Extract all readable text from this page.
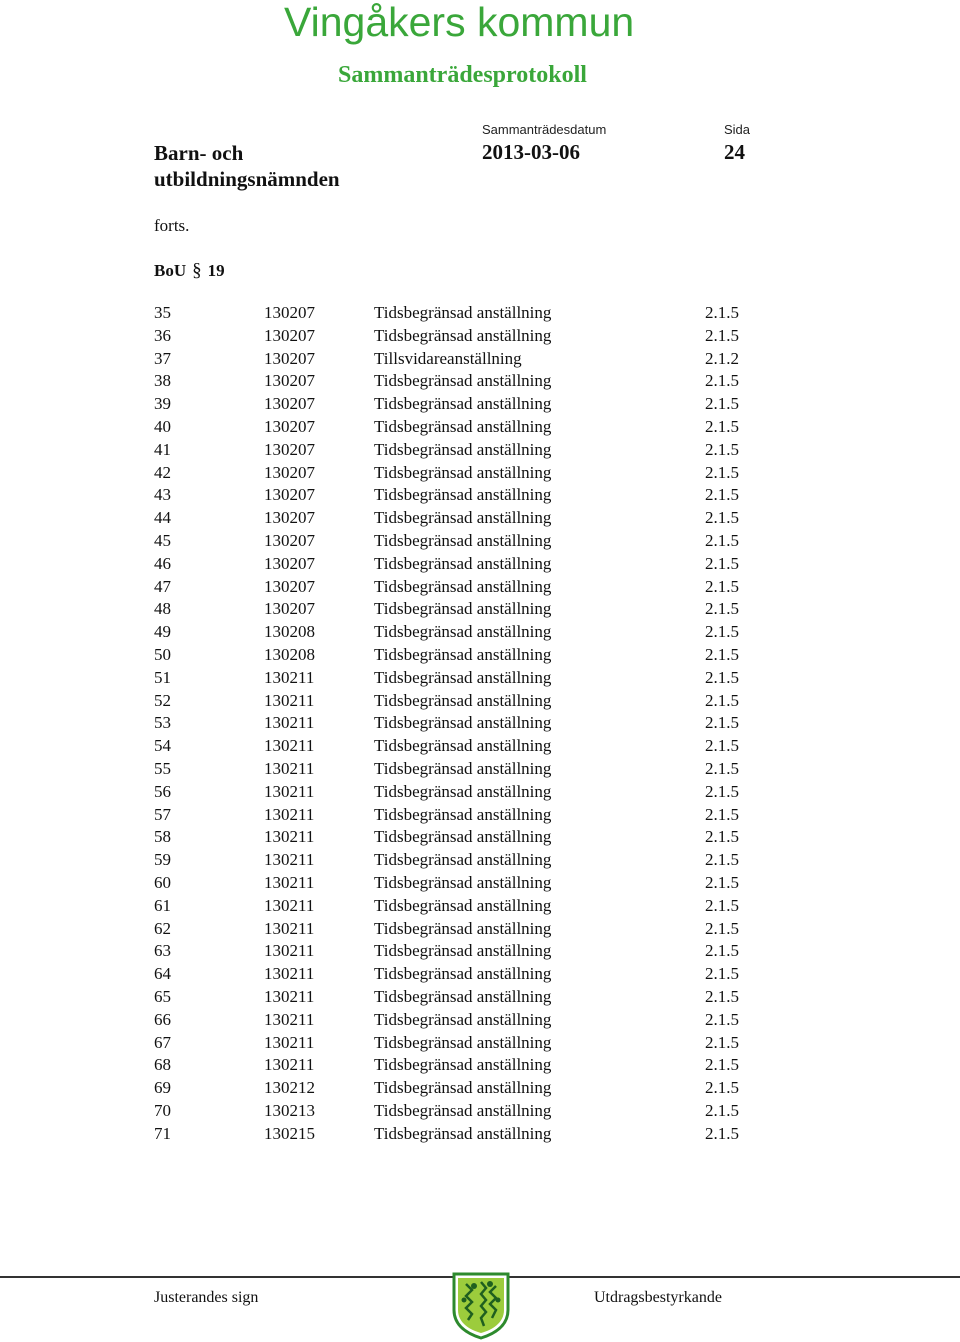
Vingåkers kommun
Sammanträdesprotokoll
Sammanträdesdatum	Sida
Barn- och utbildningsnämnden
2013-03-06	24
forts.
BoU § 19
35	130207	Tidsbegränsad anställning	2.1.5
36	130207	Tidsbegränsad anställning	2.1.5
37	130207	Tillsvidareanställning	2.1.2
38	130207	Tidsbegränsad anställning	2.1.5
39	130207	Tidsbegränsad anställning	2.1.5
40	130207	Tidsbegränsad anställning	2.1.5
41	130207	Tidsbegränsad anställning	2.1.5
42	130207	Tidsbegränsad anställning	2.1.5
43	130207	Tidsbegränsad anställning	2.1.5
44	130207	Tidsbegränsad anställning	2.1.5
45	130207	Tidsbegränsad anställning	2.1.5
46	130207	Tidsbegränsad anställning	2.1.5
47	130207	Tidsbegränsad anställning	2.1.5
48	130207	Tidsbegränsad anställning	2.1.5
49	130208	Tidsbegränsad anställning	2.1.5
50	130208	Tidsbegränsad anställning	2.1.5
51	130211	Tidsbegränsad anställning	2.1.5
52	130211	Tidsbegränsad anställning	2.1.5
53	130211	Tidsbegränsad anställning	2.1.5
54	130211	Tidsbegränsad anställning	2.1.5
55	130211	Tidsbegränsad anställning	2.1.5
56	130211	Tidsbegränsad anställning	2.1.5
57	130211	Tidsbegränsad anställning	2.1.5
58	130211	Tidsbegränsad anställning	2.1.5
59	130211	Tidsbegränsad anställning	2.1.5
60	130211	Tidsbegränsad anställning	2.1.5
61	130211	Tidsbegränsad anställning	2.1.5
62	130211	Tidsbegränsad anställning	2.1.5
63	130211	Tidsbegränsad anställning	2.1.5
64	130211	Tidsbegränsad anställning	2.1.5
65	130211	Tidsbegränsad anställning	2.1.5
66	130211	Tidsbegränsad anställning	2.1.5
67	130211	Tidsbegränsad anställning	2.1.5
68	130211	Tidsbegränsad anställning	2.1.5
69	130212	Tidsbegränsad anställning	2.1.5
70	130213	Tidsbegränsad anställning	2.1.5
71	130215	Tidsbegränsad anställning	2.1.5
Justerandes sign	Utdragsbestyrkande
